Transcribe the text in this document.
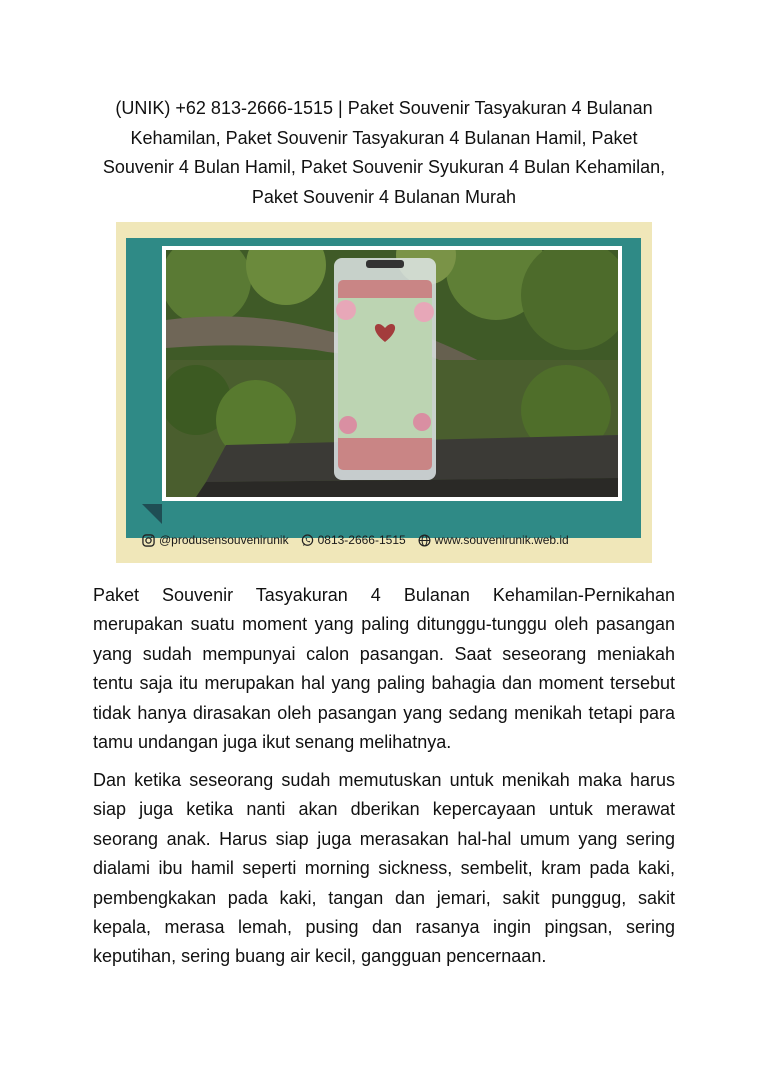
(UNIK) +62 813-2666-1515 | Paket Souvenir Tasyakuran 4 Bulanan
Kehamilan, Paket Souvenir Tasyakuran 4 Bulanan Hamil, Paket
Souvenir 4 Bulan Hamil, Paket Souvenir Syukuran 4 Bulan Kehamilan,
Paket Souvenir 4 Bulanan Murah
@produsensouvenirunik 0813-2666-1515 www.souvenirunik.web.id

Paket Souvenir Tasyakuran 4 Bulanan Kehamilan-Pernikahan merupakan suatu moment yang paling ditunggu-tunggu oleh pasangan yang sudah mempunyai calon pasangan. Saat seseorang meniakah tentu saja itu merupakan hal yang paling bahagia dan moment tersebut tidak hanya dirasakan oleh pasangan yang sedang menikah tetapi para tamu undangan juga ikut senang melihatnya.

Dan ketika seseorang sudah memutuskan untuk menikah maka harus siap juga ketika nanti akan dberikan kepercayaan untuk merawat seorang anak. Harus siap juga merasakan hal-hal umum yang sering dialami ibu hamil seperti morning sickness, sembelit, kram pada kaki, pembengkakan pada kaki, tangan dan jemari, sakit punggug, sakit kepala, merasa lemah, pusing dan rasanya ingin pingsan, sering keputihan, sering buang air kecil, gangguan pencernaan.
